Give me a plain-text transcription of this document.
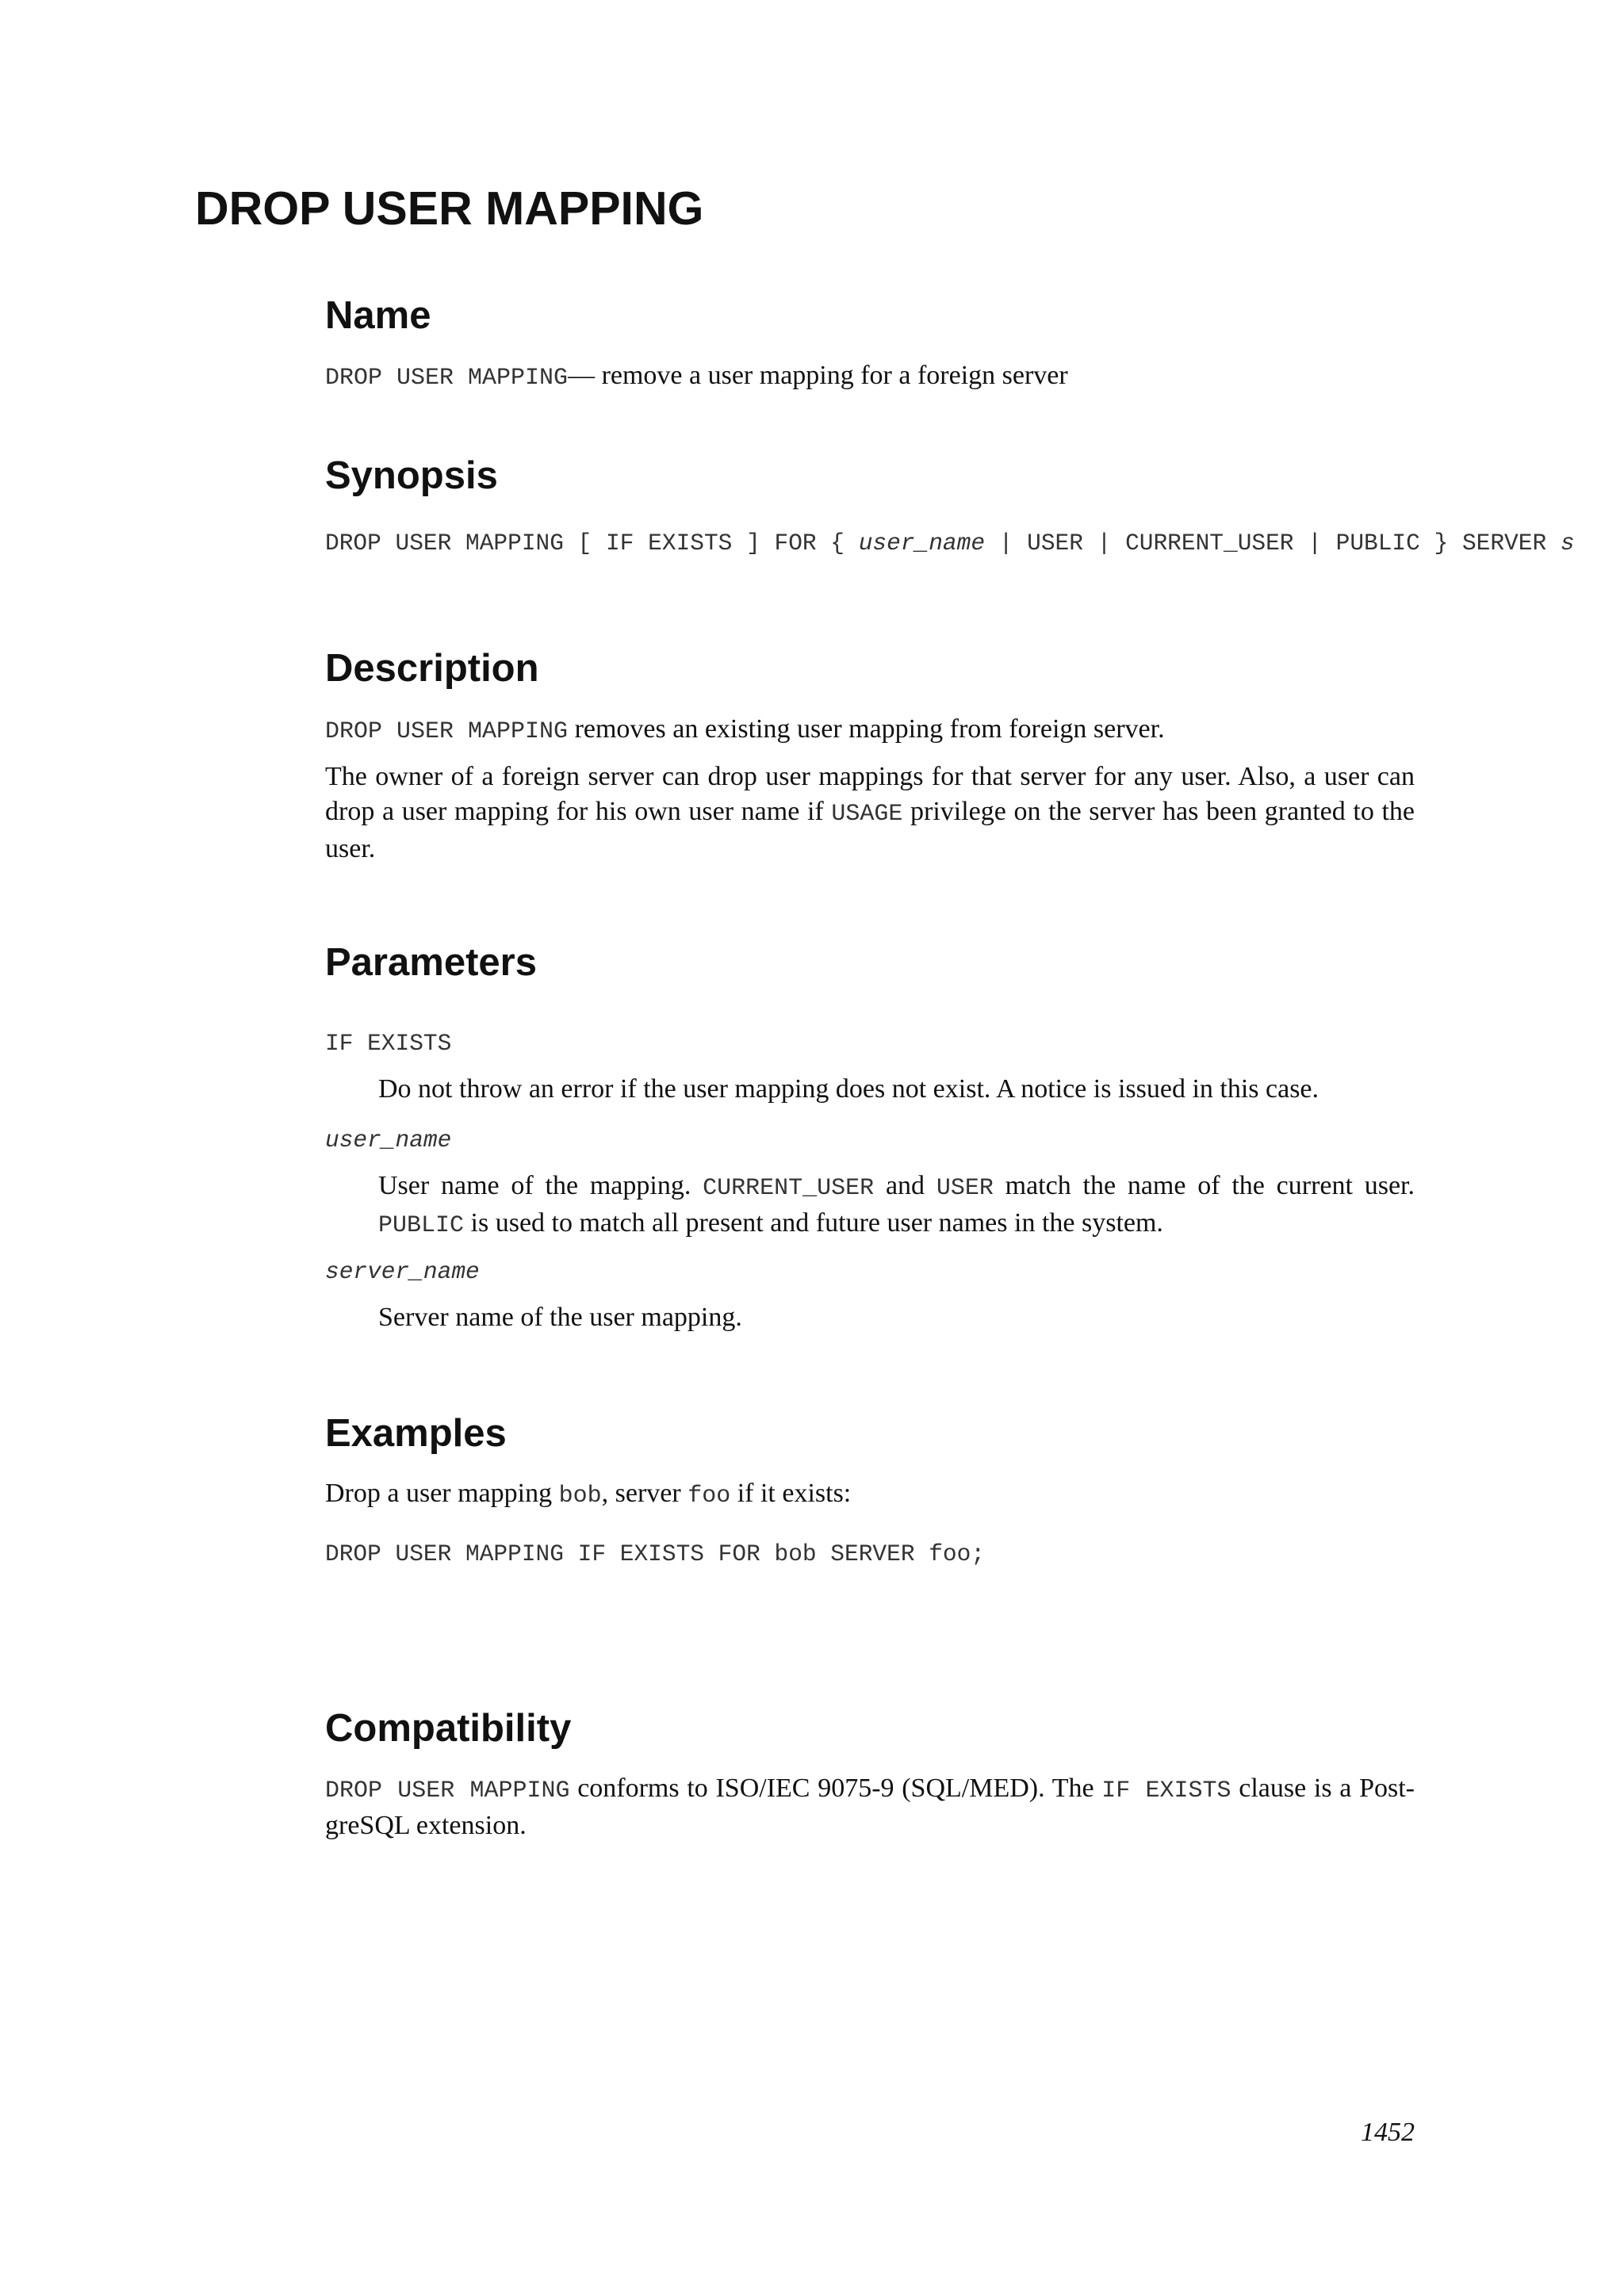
DROP USER MAPPING
Name
DROP USER MAPPING— remove a user mapping for a foreign server
Synopsis
DROP USER MAPPING [ IF EXISTS ] FOR { user_name | USER | CURRENT_USER | PUBLIC } SERVER s
Description
DROP USER MAPPING removes an existing user mapping from foreign server.
The owner of a foreign server can drop user mappings for that server for any user. Also, a user can drop a user mapping for his own user name if USAGE privilege on the server has been granted to the user.
Parameters
IF EXISTS
Do not throw an error if the user mapping does not exist. A notice is issued in this case.
user_name
User name of the mapping. CURRENT_USER and USER match the name of the current user. PUBLIC is used to match all present and future user names in the system.
server_name
Server name of the user mapping.
Examples
Drop a user mapping bob, server foo if it exists:
DROP USER MAPPING IF EXISTS FOR bob SERVER foo;
Compatibility
DROP USER MAPPING conforms to ISO/IEC 9075-9 (SQL/MED). The IF EXISTS clause is a Post-greSQL extension.
1452
